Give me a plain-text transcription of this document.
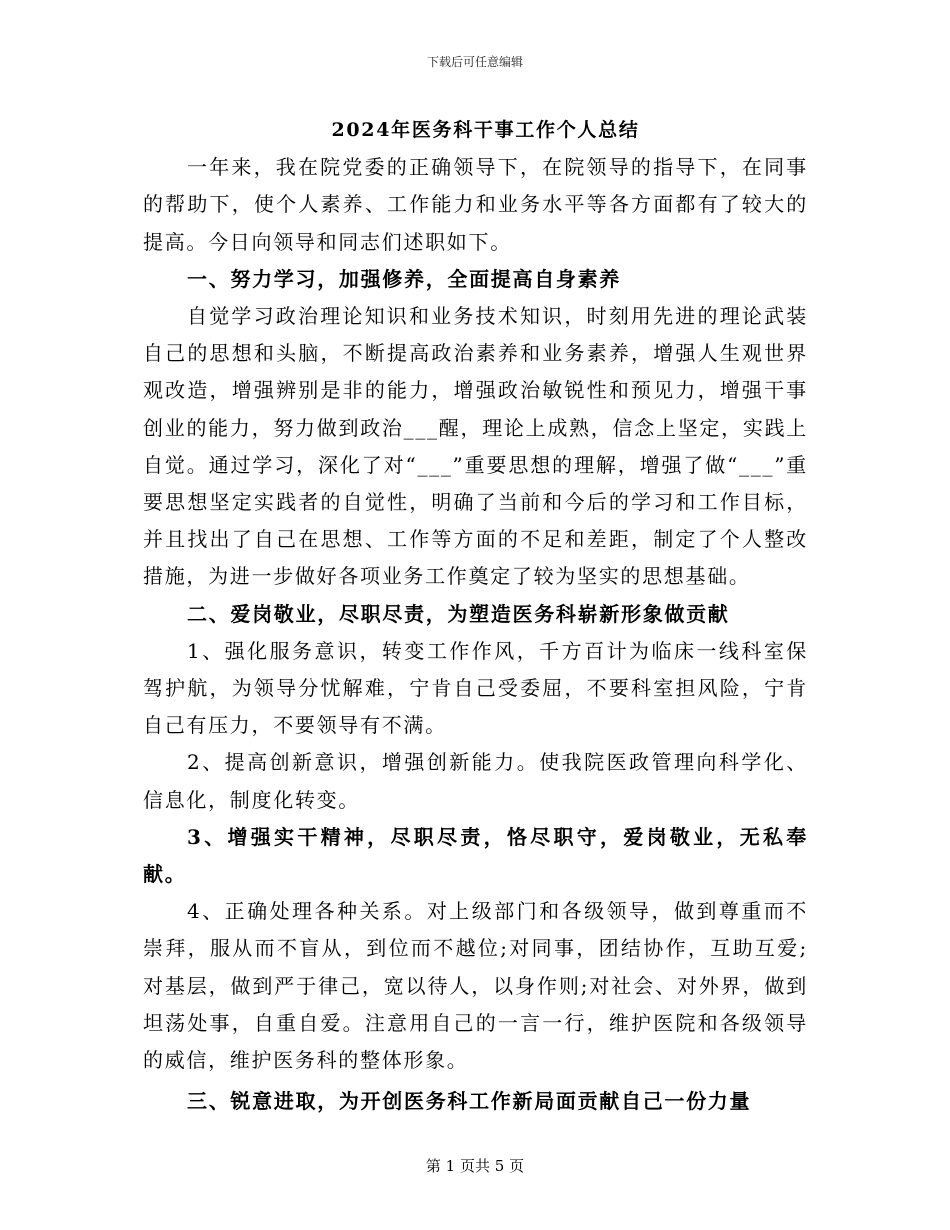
下载后可任意编辑
2024年医务科干事工作个人总结

一年来，我在院党委的正确领导下，在院领导的指导下，在同事的帮助下，使个人素养、工作能力和业务水平等各方面都有了较大的提高。今日向领导和同志们述职如下。

一、努力学习，加强修养，全面提高自身素养

自觉学习政治理论知识和业务技术知识，时刻用先进的理论武装自己的思想和头脑，不断提高政治素养和业务素养，增强人生观世界观改造，增强辨别是非的能力，增强政治敏锐性和预见力，增强干事创业的能力，努力做到政治___醒，理论上成熟，信念上坚定，实践上自觉。通过学习，深化了对“___”重要思想的理解，增强了做“___”重要思想坚定实践者的自觉性，明确了当前和今后的学习和工作目标，并且找出了自己在思想、工作等方面的不足和差距，制定了个人整改措施，为进一步做好各项业务工作奠定了较为坚实的思想基础。

二、爱岗敬业，尽职尽责，为塑造医务科崭新形象做贡献

1、强化服务意识，转变工作作风，千方百计为临床一线科室保驾护航，为领导分忧解难，宁肯自己受委屈，不要科室担风险，宁肯自己有压力，不要领导有不满。

2、提高创新意识，增强创新能力。使我院医政管理向科学化、信息化，制度化转变。

3、增强实干精神，尽职尽责，恪尽职守，爱岗敬业，无私奉献。

4、正确处理各种关系。对上级部门和各级领导，做到尊重而不崇拜，服从而不盲从，到位而不越位;对同事，团结协作，互助互爱;对基层，做到严于律己，宽以待人，以身作则;对社会、对外界，做到坦荡处事，自重自爱。注意用自己的一言一行，维护医院和各级领导的威信，维护医务科的整体形象。

三、锐意进取，为开创医务科工作新局面贡献自己一份力量

第 1 页共 5 页
